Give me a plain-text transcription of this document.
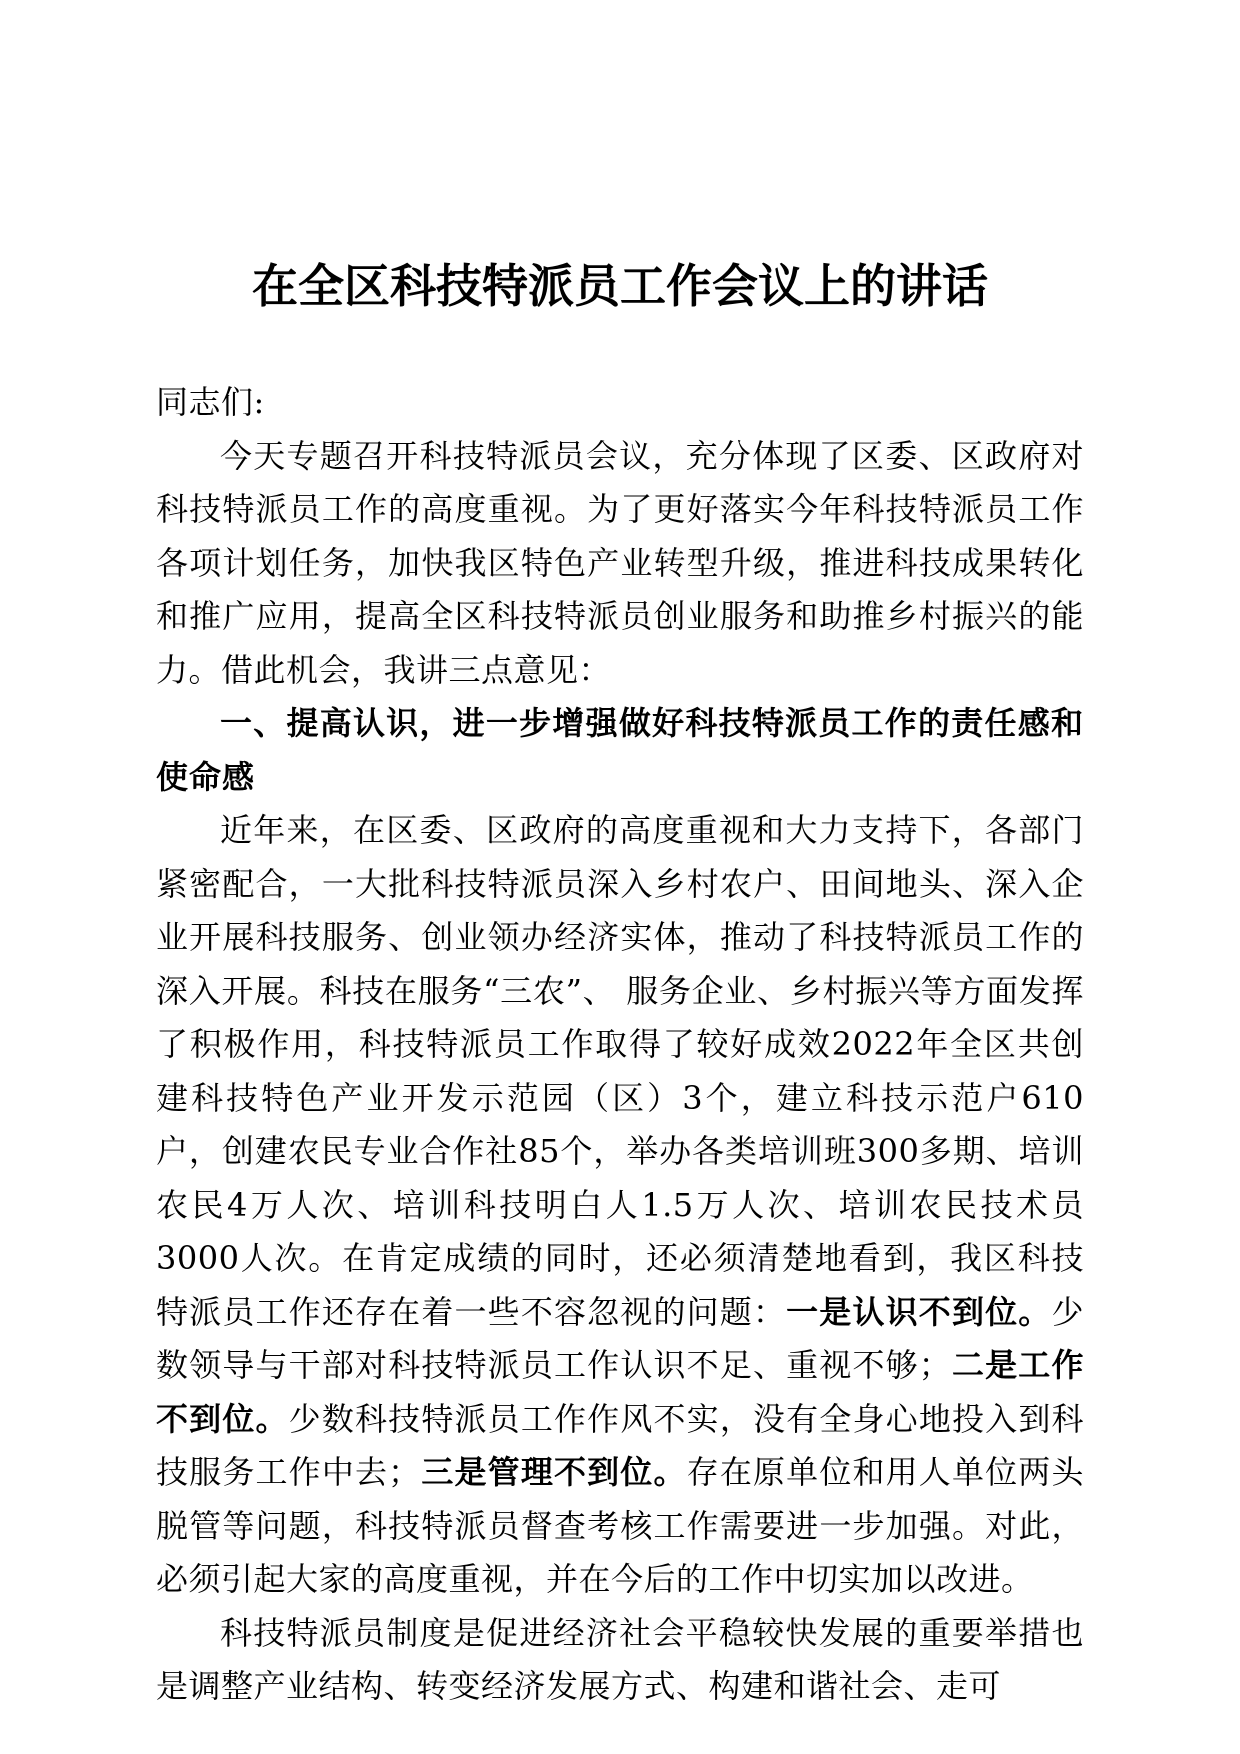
在全区科技特派员工作会议上的讲话

同志们:

今天专题召开科技特派员会议，充分体现了区委、区政府对科技特派员工作的高度重视。为了更好落实今年科技特派员工作各项计划任务，加快我区特色产业转型升级，推进科技成果转化和推广应用，提高全区科技特派员创业服务和助推乡村振兴的能力。借此机会，我讲三点意见：

一、提高认识，进一步增强做好科技特派员工作的责任感和使命感

近年来，在区委、区政府的高度重视和大力支持下，各部门紧密配合，一大批科技特派员深入乡村农户、田间地头、深入企业开展科技服务、创业领办经济实体，推动了科技特派员工作的深入开展。科技在服务“三农”、 服务企业、乡村振兴等方面发挥了积极作用，科技特派员工作取得了较好成效2022年全区共创建科技特色产业开发示范园（区）3个，建立科技示范户610户，创建农民专业合作社85个，举办各类培训班300多期、培训农民4万人次、培训科技明白人1.5万人次、培训农民技术员3000人次。在肯定成绩的同时，还必须清楚地看到，我区科技特派员工作还存在着一些不容忽视的问题：一是认识不到位。少数领导与干部对科技特派员工作认识不足、重视不够；二是工作不到位。少数科技特派员工作作风不实，没有全身心地投入到科技服务工作中去；三是管理不到位。存在原单位和用人单位两头脱管等问题，科技特派员督查考核工作需要进一步加强。对此，必须引起大家的高度重视，并在今后的工作中切实加以改进。

科技特派员制度是促进经济社会平稳较快发展的重要举措也是调整产业结构、转变经济发展方式、构建和谐社会、走可
